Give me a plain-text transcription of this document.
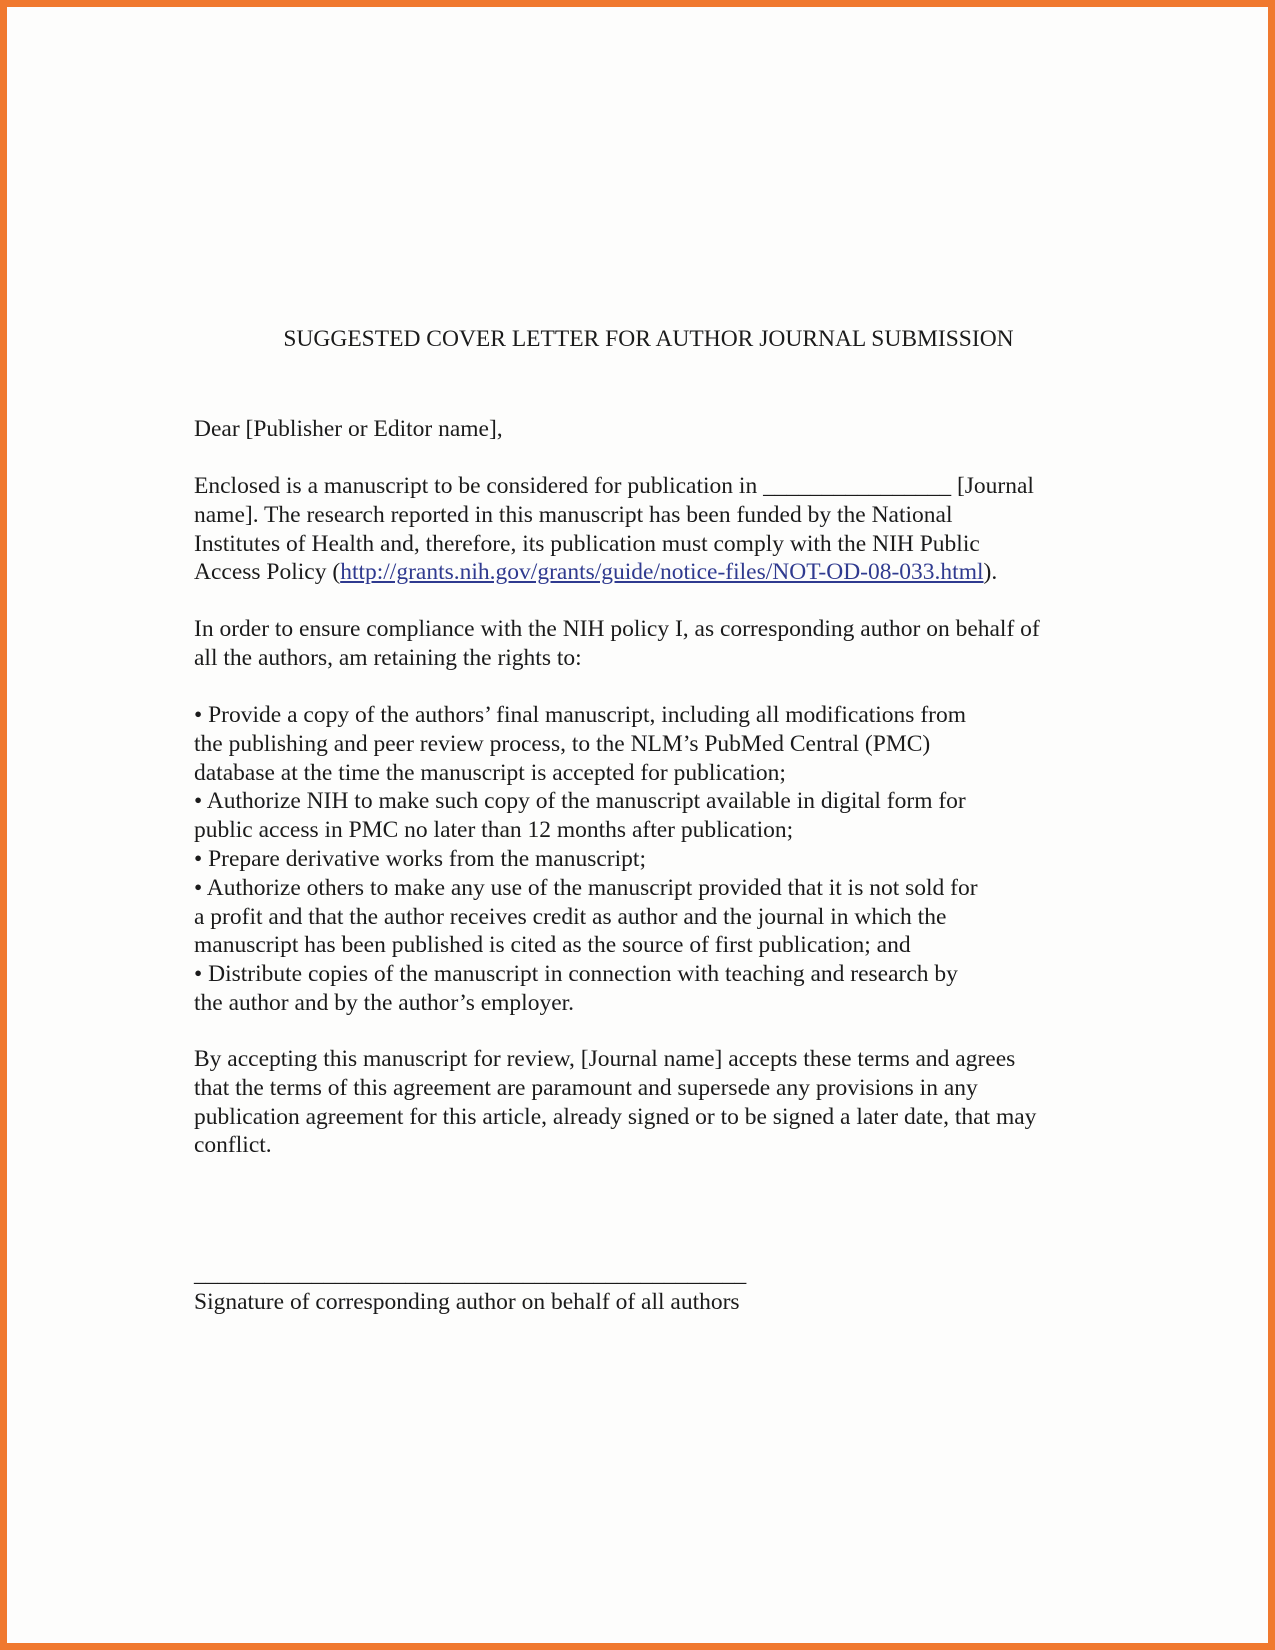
SUGGESTED COVER LETTER FOR AUTHOR JOURNAL SUBMISSION

Dear [Publisher or Editor name],

Enclosed is a manuscript to be considered for publication in ________________ [Journal
name]. The research reported in this manuscript has been funded by the National
Institutes of Health and, therefore, its publication must comply with the NIH Public
Access Policy (http://grants.nih.gov/grants/guide/notice-files/NOT-OD-08-033.html).

In order to ensure compliance with the NIH policy I, as corresponding author on behalf of
all the authors, am retaining the rights to:

• Provide a copy of the authors’ final manuscript, including all modifications from
the publishing and peer review process, to the NLM’s PubMed Central (PMC)
database at the time the manuscript is accepted for publication;
• Authorize NIH to make such copy of the manuscript available in digital form for
public access in PMC no later than 12 months after publication;
• Prepare derivative works from the manuscript;
• Authorize others to make any use of the manuscript provided that it is not sold for
a profit and that the author receives credit as author and the journal in which the
manuscript has been published is cited as the source of first publication; and
• Distribute copies of the manuscript in connection with teaching and research by
the author and by the author’s employer.

By accepting this manuscript for review, [Journal name] accepts these terms and agrees
that the terms of this agreement are paramount and supersede any provisions in any
publication agreement for this article, already signed or to be signed a later date, that may
conflict.

_______________________________________________

Signature of corresponding author on behalf of all authors
